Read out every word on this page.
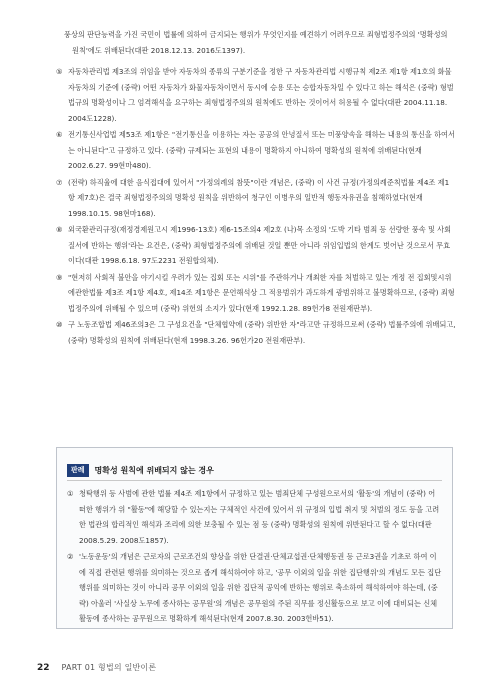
풍상의 판단능력을 가진 국민이 법률에 의하여 금지되는 행위가 무엇인지를 예견하기 어려우므로 죄형법정주의의 '명확성의 원칙'에도 위배된다(대판 2018.12.13. 2016도1397).
⑤ 자동차관리법 제3조의 위임을 받아 자동차의 종류의 구분기준을 정한 구 자동차관리법 시행규칙 제2조 제1항 제1호의 화물자동차의 기준에 (중략) 어떤 자동차가 화물자동차이면서 동시에 승용 또는 승합자동차일 수 있다고 하는 해석은 (중략) 형벌법규의 명확성이나 그 엄격해석을 요구하는 죄형법정주의의 원칙에도 반하는 것이어서 허용될 수 없다(대판 2004.11.18. 2004도1228).
⑥ 전기통신사업법 제53조 제1항은 "전기통신을 이용하는 자는 공공의 안녕질서 또는 미풍양속을 해하는 내용의 통신을 하여서는 아니된다"고 규정하고 있다. (중략) 규제되는 표현의 내용이 명확하지 아니하여 명확성의 원칙에 위배된다(현재 2002.6.27. 99현마480).
⑦ (전략) 하직율에 대한 음식접대에 있어서 "가정의례의 참뜻"이란 개념은, (중략) 이 사건 규정(가정의례준칙법률 제4조 제1항 제7호)은 결국 죄형법정주의의 명확성 원칙을 위반하여 청구인 이병우의 일반적 행동자유권을 침해하였다(현재 1998.10.15. 98현마168).
⑧ 외국환관리규정(재정경제원고시 제1996-13호) 제6-15조의4 제2호 (나)목 소정의 '도박 기타 범죄 등 선량한 풍속 및 사회질서에 반하는 행위'라는 요건은, (중략) 죄형법정주의에 위배된 것일 뿐만 아니라 위임입법의 한계도 벗어난 것으로서 무효이다(대판 1998.6.18. 97도2231 전원합의체).
⑨ "현저히 사회적 불안을 야기시킬 우려가 있는 집회 또는 시위"를 주관하거나 개최한 자를 처벌하고 있는 개정 전 집회및시위에관한법률 제3조 제1항 제4호, 제14조 제1항은 문언해석상 그 적용범위가 과도하게 광범위하고 불명확하므로, (중략) 죄형법정주의에 위배될 수 있으며 (중략) 위헌의 소지가 있다(현재 1992.1.28. 89헌가8 전원재판부).
⑩ 구 노동조합법 제46조의3은 그 구성요건을 "단체협약에 (중략) 위반한 자"라고만 규정하므로써 (중략) 법률주의에 위배되고, (중략) 명확성의 원칙에 위배된다(현재 1998.3.26. 96헌가20 전원재판부).
판례	명확성 원칙에 위배되지 않는 경우
① 청탁행위 등 사범에 관한 법률 제4조 제1항에서 규정하고 있는 범죄단체 구성원으로서의 '활동'의 개념이 (중략) 어떠한 행위가 위 "활동"에 해당할 수 있는지는 구체적인 사건에 있어서 위 규정의 입법 취지 및 처벌의 정도 등을 고려한 법관의 합리적인 해석과 조리에 의한 보충될 수 있는 점 등 (중략) 명확성의 원칙에 위반된다고 할 수 없다(대판 2008.5.29. 2008도1857).
② '노동운동'의 개념은 근로자의 근로조건의 향상을 위한 단결권·단체교섭권·단체행동권 등 근로3권을 기초로 하여 이에 직접 관련된 행위를 의미하는 것으로 좁게 해석하여야 하고, '공무 이외의 일을 위한 집단행위'의 개념도 모든 집단행위를 의미하는 것이 아니라 공무 이외의 일을 위한 집단적 공익에 반하는 행위로 축소하여 해석하여야 하는데, (중략) 아울러 '사실상 노무에 종사하는 공무원'의 개념은 공무원의 주된 직무를 정신활동으로 보고 이에 대비되는 신체활동에 종사하는 공무원으로 명확하게 해석된다(현재 2007.8.30. 2003헌바51).
22 PART 01 형법의 일반이론
